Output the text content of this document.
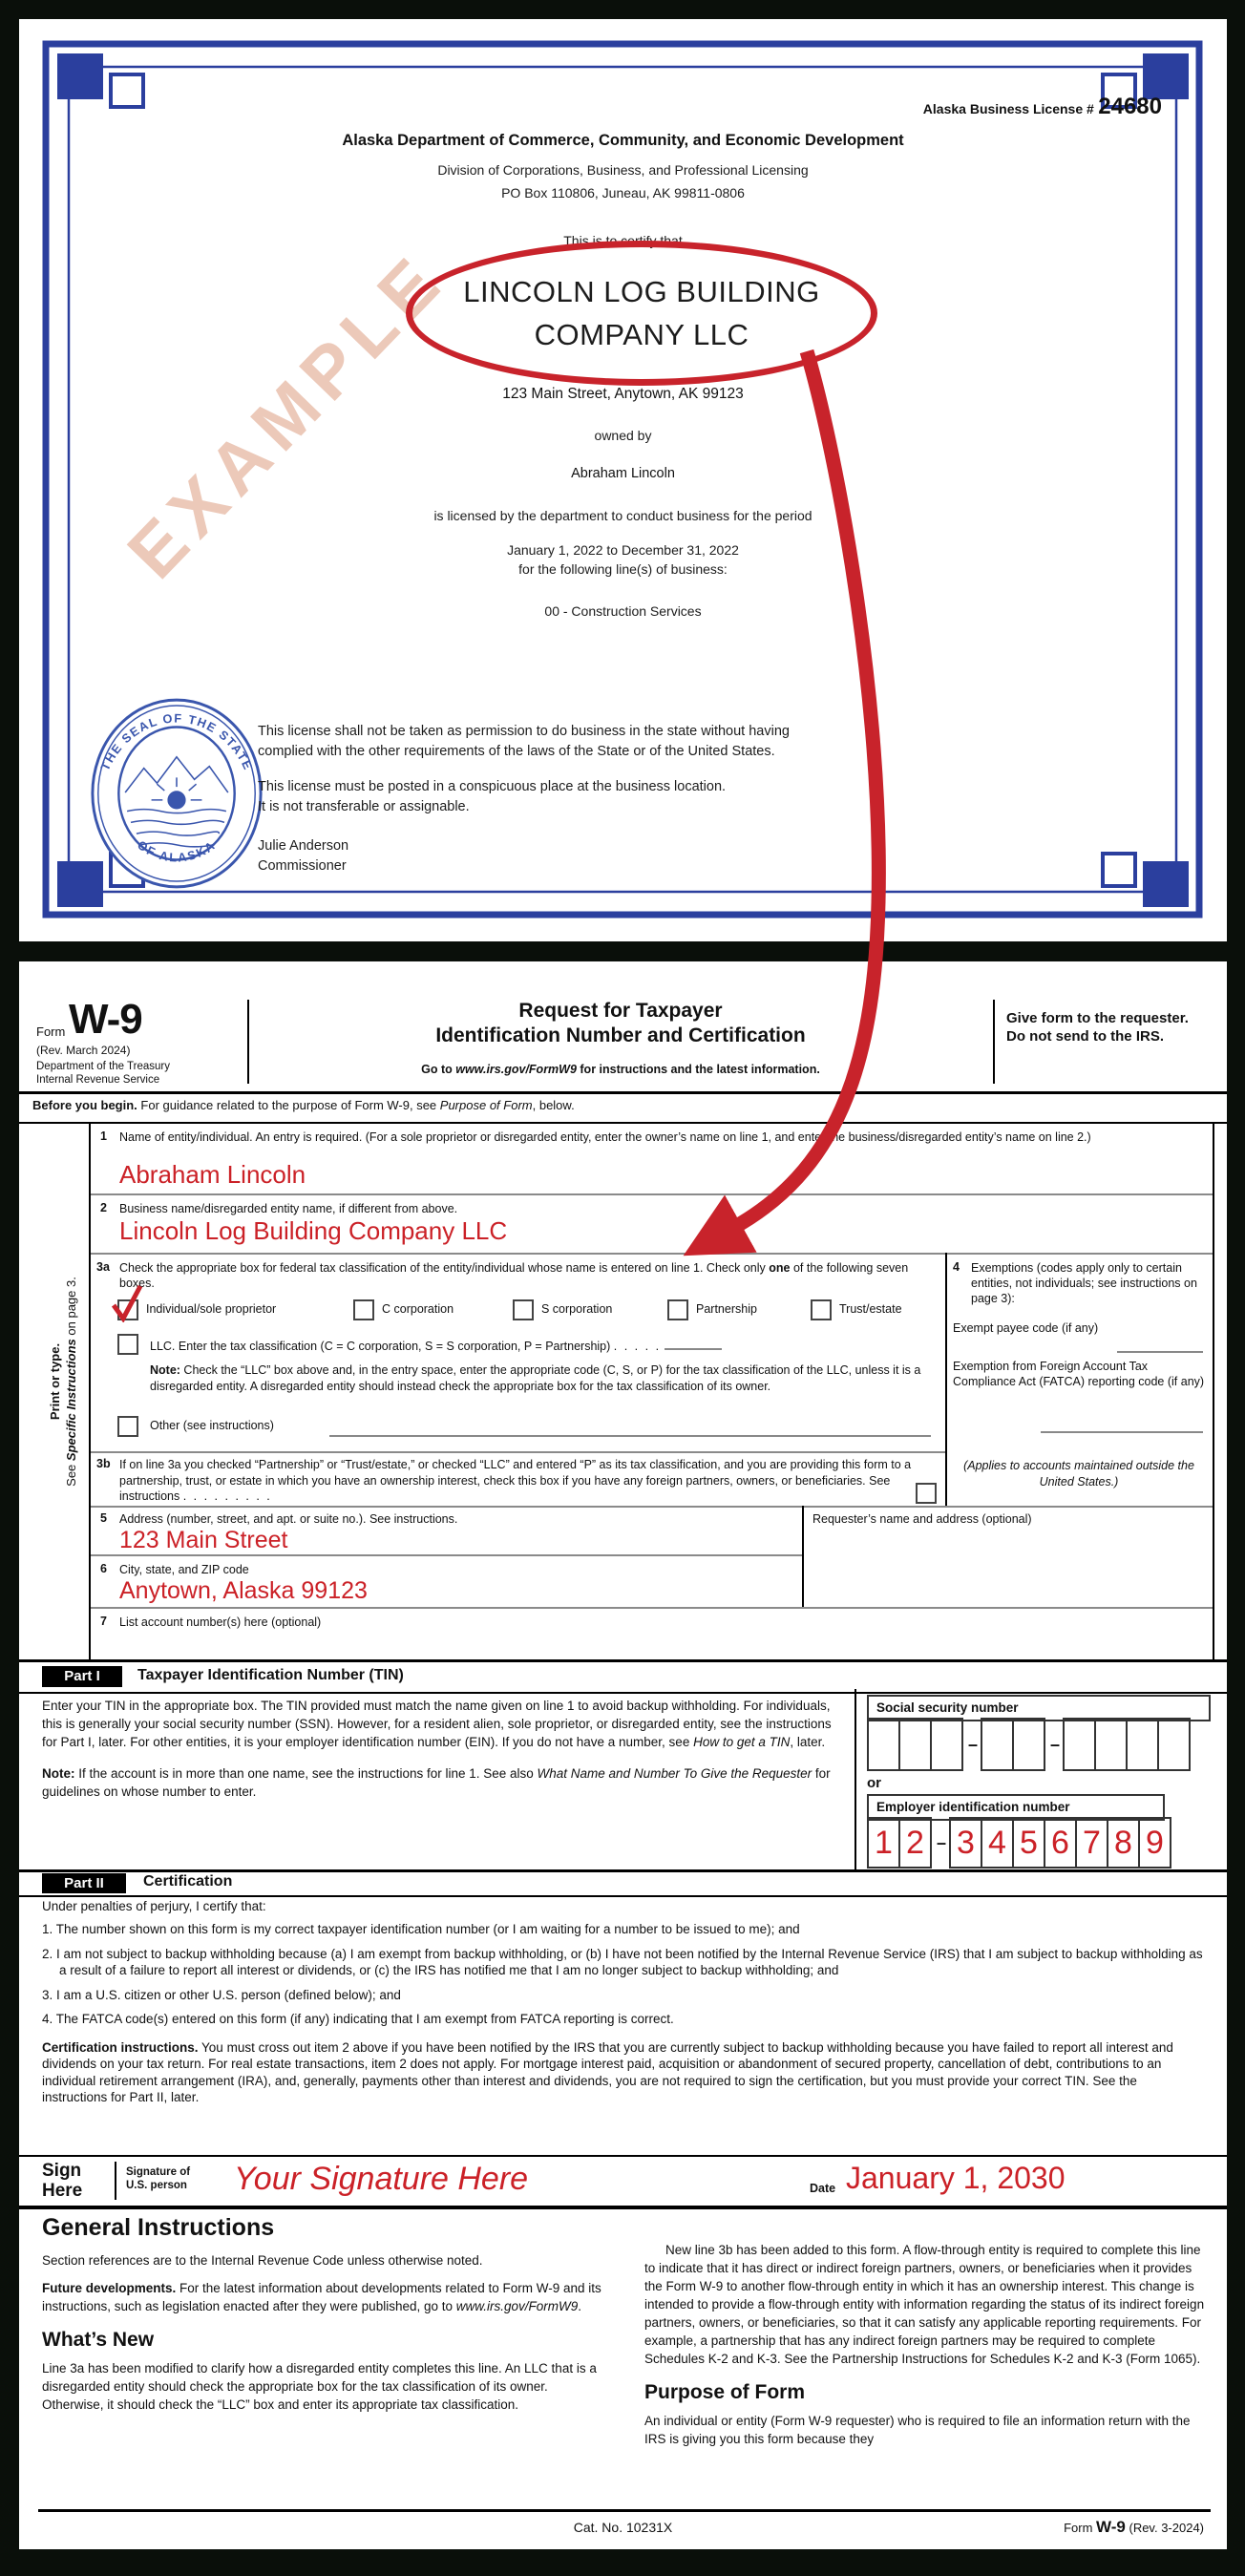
EXAMPLE
Alaska Business License # 24680
Alaska Department of Commerce, Community, and Economic Development
Division of Corporations, Business, and Professional Licensing
PO Box 110806, Juneau, AK 99811-0806
This is to certify that
LINCOLN LOG BUILDING
COMPANY LLC
123 Main Street, Anytown, AK 99123
owned by
Abraham Lincoln
is licensed by the department to conduct business for the period
January 1, 2022 to December 31, 2022
for the following line(s) of business:
00 - Construction Services
THE SEAL OF THE STATE
OF ALASKA
This license shall not be taken as permission to do business in the state without having complied with the other requirements of the laws of the State or of the United States.
This license must be posted in a conspicuous place at the business location.
It is not transferable or assignable.
Julie Anderson
Commissioner
Form W-9
(Rev. March 2024)
Department of the Treasury
Internal Revenue Service
Request for Taxpayer
Identification Number and Certification
Go to www.irs.gov/FormW9 for instructions and the latest information.
Give form to the requester. Do not send to the IRS.
Before you begin. For guidance related to the purpose of Form W-9, see Purpose of Form, below.
Print or type.
See Specific Instructions on page 3.
1 Name of entity/individual. An entry is required. (For a sole proprietor or disregarded entity, enter the owner’s name on line 1, and enter the business/disregarded entity’s name on line 2.)
Abraham Lincoln
2 Business name/disregarded entity name, if different from above.
Lincoln Log Building Company LLC
3a Check the appropriate box for federal tax classification of the entity/individual whose name is entered on line 1. Check only one of the following seven boxes.
Individual/sole proprietor	C corporation	S corporation	Partnership	Trust/estate
LLC. Enter the tax classification (C = C corporation, S = S corporation, P = Partnership) . . . . .
Note: Check the “LLC” box above and, in the entry space, enter the appropriate code (C, S, or P) for the tax classification of the LLC, unless it is a disregarded entity. A disregarded entity should instead check the appropriate box for the tax classification of its owner.
Other (see instructions)
4 Exemptions (codes apply only to certain entities, not individuals; see instructions on page 3):
Exempt payee code (if any)
Exemption from Foreign Account Tax Compliance Act (FATCA) reporting code (if any)
(Applies to accounts maintained outside the United States.)
3b If on line 3a you checked “Partnership” or “Trust/estate,” or checked “LLC” and entered “P” as its tax classification, and you are providing this form to a partnership, trust, or estate in which you have an ownership interest, check this box if you have any foreign partners, owners, or beneficiaries. See instructions . . . . . . . . .
5 Address (number, street, and apt. or suite no.). See instructions.
123 Main Street
Requester’s name and address (optional)
6 City, state, and ZIP code
Anytown, Alaska 99123
7 List account number(s) here (optional)
Part I	Taxpayer Identification Number (TIN)
Enter your TIN in the appropriate box. The TIN provided must match the name given on line 1 to avoid backup withholding. For individuals, this is generally your social security number (SSN). However, for a resident alien, sole proprietor, or disregarded entity, see the instructions for Part I, later. For other entities, it is your employer identification number (EIN). If you do not have a number, see How to get a TIN, later.

Note: If the account is in more than one name, see the instructions for line 1. See also What Name and Number To Give the Requester for guidelines on whose number to enter.

Social security number
–	–
or
Employer identification number
1 2 – 3 4 5 6 7 8 9
Part II	Certification
Under penalties of perjury, I certify that:

1. The number shown on this form is my correct taxpayer identification number (or I am waiting for a number to be issued to me); and

2. I am not subject to backup withholding because (a) I am exempt from backup withholding, or (b) I have not been notified by the Internal Revenue Service (IRS) that I am subject to backup withholding as a result of a failure to report all interest or dividends, or (c) the IRS has notified me that I am no longer subject to backup withholding; and

3. I am a U.S. citizen or other U.S. person (defined below); and

4. The FATCA code(s) entered on this form (if any) indicating that I am exempt from FATCA reporting is correct.

Certification instructions. You must cross out item 2 above if you have been notified by the IRS that you are currently subject to backup withholding because you have failed to report all interest and dividends on your tax return. For real estate transactions, item 2 does not apply. For mortgage interest paid, acquisition or abandonment of secured property, cancellation of debt, contributions to an individual retirement arrangement (IRA), and, generally, payments other than interest and dividends, you are not required to sign the certification, but you must provide your correct TIN. See the instructions for Part II, later.

Sign
Here
Signature of
U.S. person Your Signature Here	Date January 1, 2030
General Instructions

Section references are to the Internal Revenue Code unless otherwise noted.

Future developments. For the latest information about developments related to Form W-9 and its instructions, such as legislation enacted after they were published, go to www.irs.gov/FormW9.

What’s New

Line 3a has been modified to clarify how a disregarded entity completes this line. An LLC that is a disregarded entity should check the appropriate box for the tax classification of its owner. Otherwise, it should check the “LLC” box and enter its appropriate tax classification.

New line 3b has been added to this form. A flow-through entity is required to complete this line to indicate that it has direct or indirect foreign partners, owners, or beneficiaries when it provides the Form W-9 to another flow-through entity in which it has an ownership interest. This change is intended to provide a flow-through entity with information regarding the status of its indirect foreign partners, owners, or beneficiaries, so that it can satisfy any applicable reporting requirements. For example, a partnership that has any indirect foreign partners may be required to complete Schedules K-2 and K-3. See the Partnership Instructions for Schedules K-2 and K-3 (Form 1065).

Purpose of Form

An individual or entity (Form W-9 requester) who is required to file an information return with the IRS is giving you this form because they

Cat. No. 10231X	Form W-9 (Rev. 3-2024)
